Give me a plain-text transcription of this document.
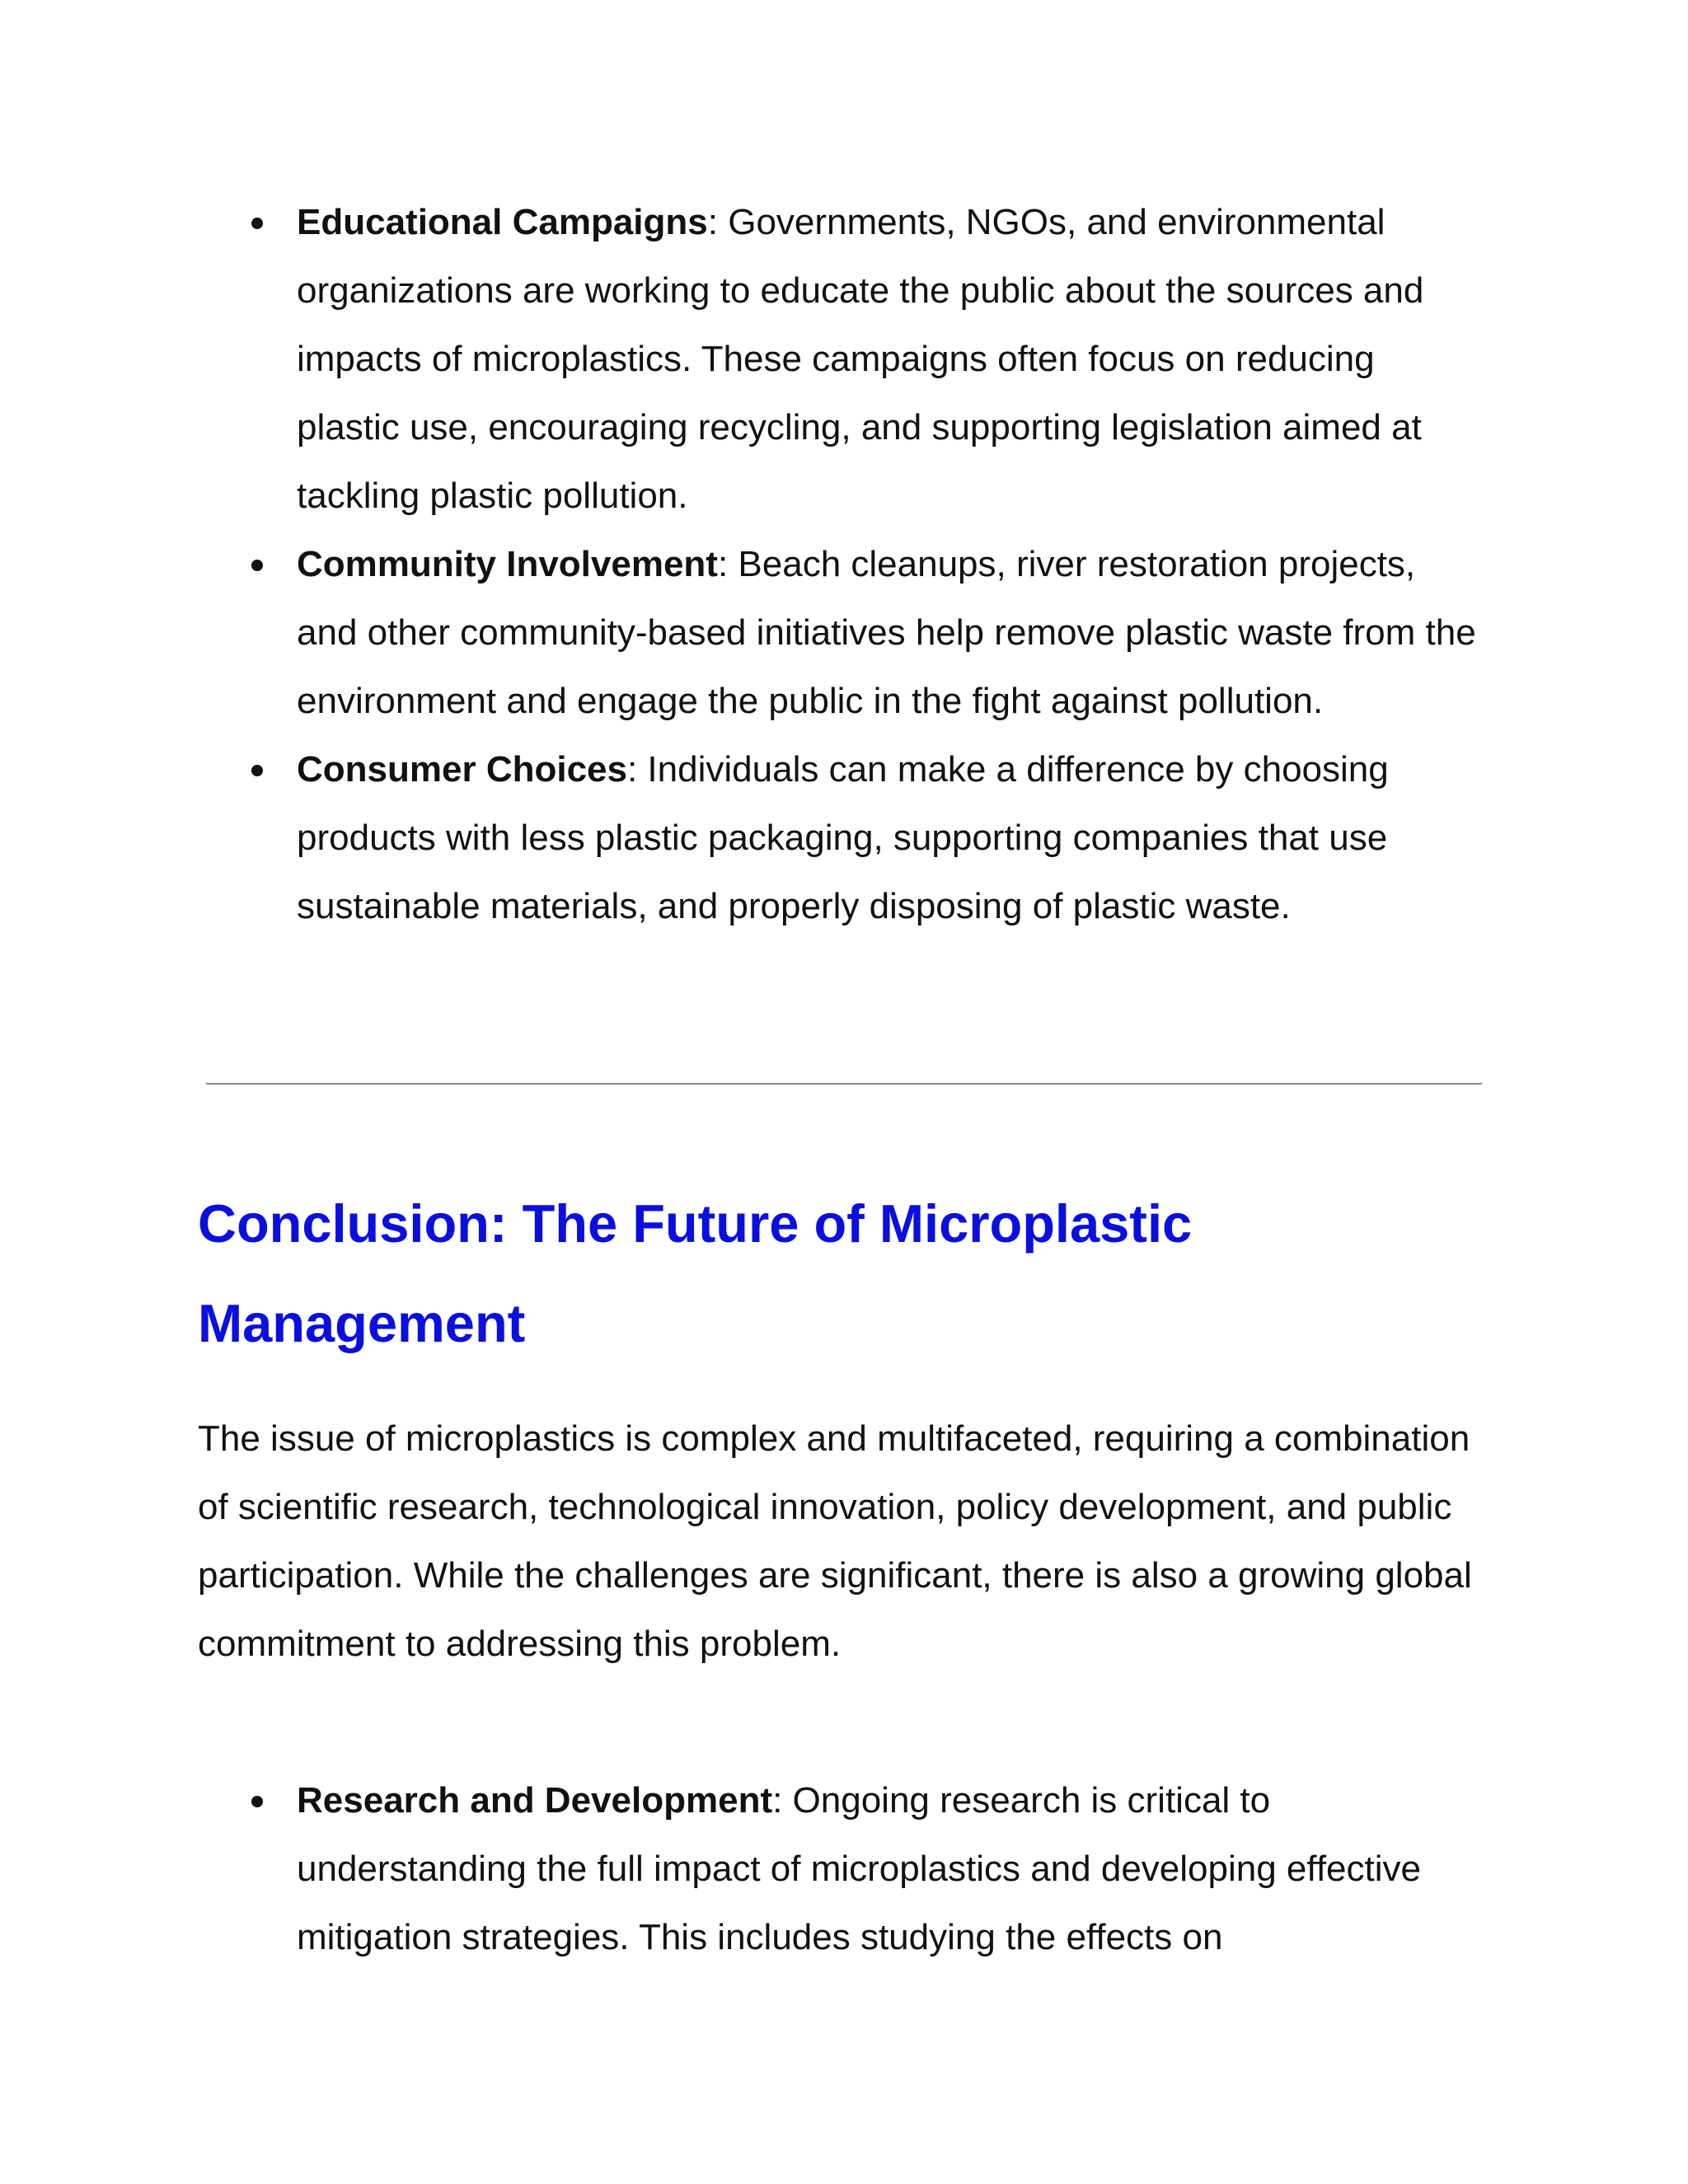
Educational Campaigns: Governments, NGOs, and environmental organizations are working to educate the public about the sources and impacts of microplastics. These campaigns often focus on reducing plastic use, encouraging recycling, and supporting legislation aimed at tackling plastic pollution.
Community Involvement: Beach cleanups, river restoration projects, and other community-based initiatives help remove plastic waste from the environment and engage the public in the fight against pollution.
Consumer Choices: Individuals can make a difference by choosing products with less plastic packaging, supporting companies that use sustainable materials, and properly disposing of plastic waste.
Conclusion: The Future of Microplastic Management

The issue of microplastics is complex and multifaceted, requiring a combination of scientific research, technological innovation, policy development, and public participation. While the challenges are significant, there is also a growing global commitment to addressing this problem.

Research and Development: Ongoing research is critical to understanding the full impact of microplastics and developing effective mitigation strategies. This includes studying the effects on
